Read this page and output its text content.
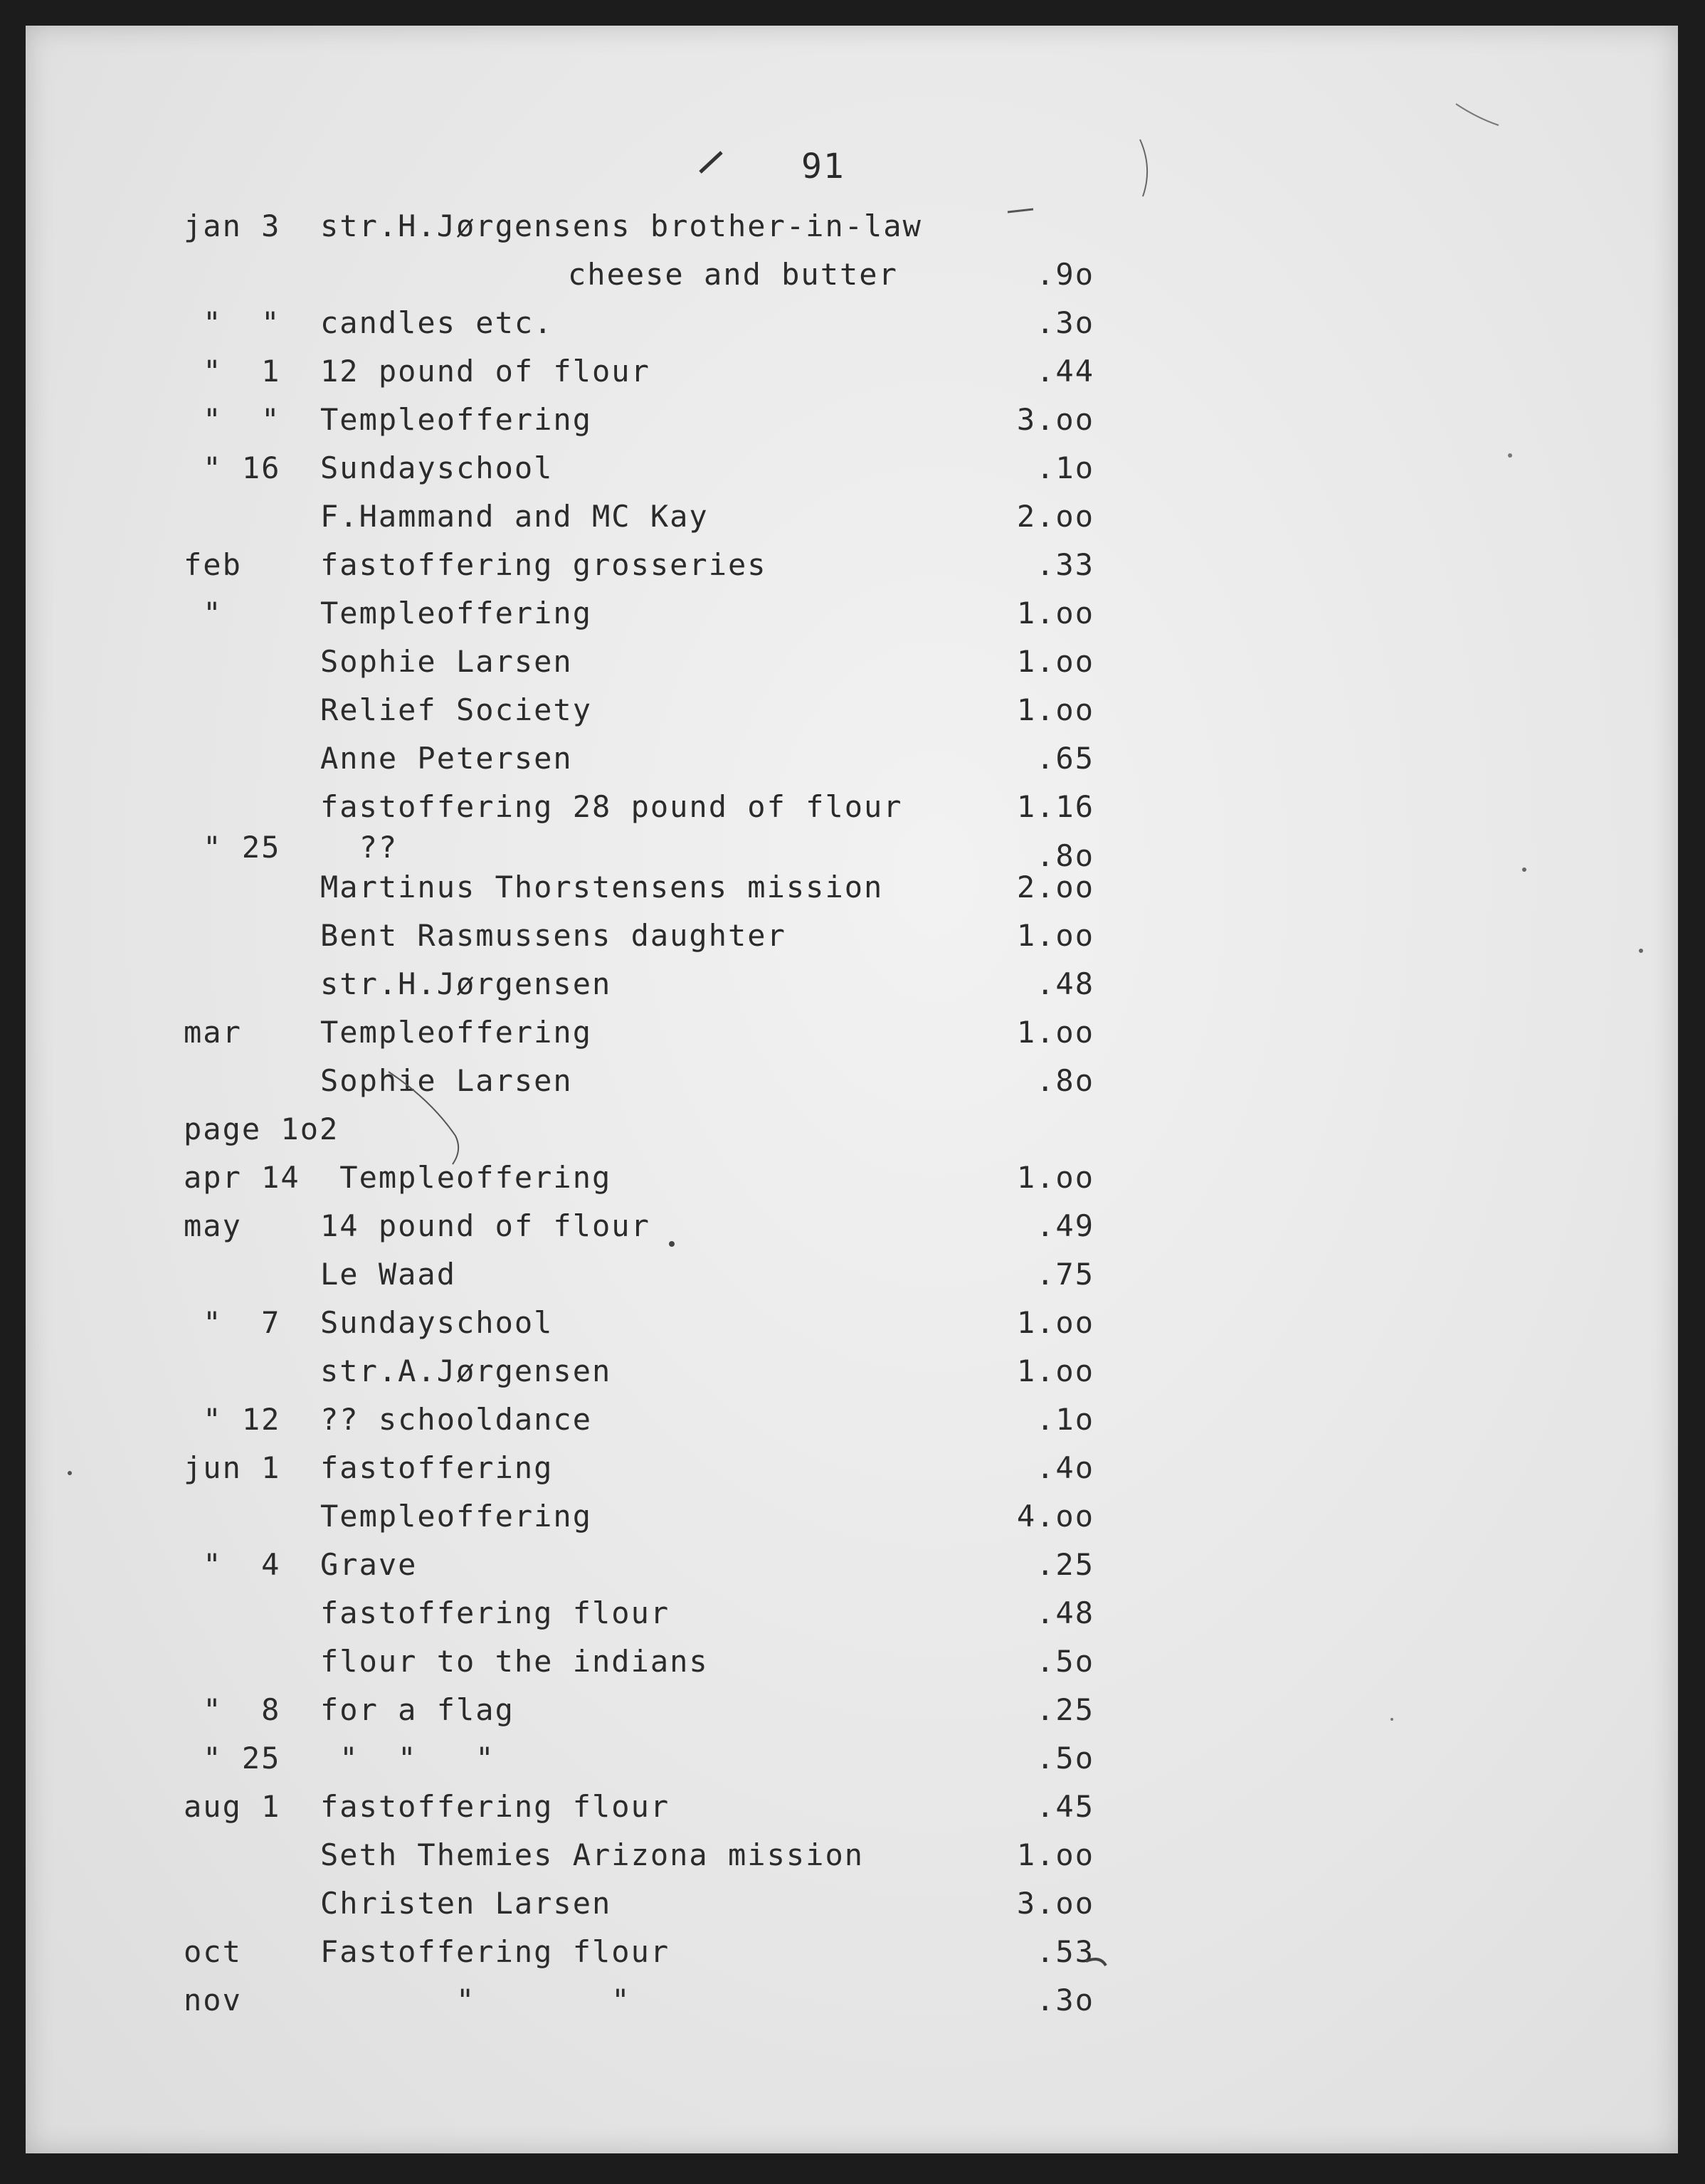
91
jan 3 str.H.Jørgensens brother-in-law
cheese and butter	.9o
"  " candles etc.	.3o
"  1 12 pound of flour	.44
"  " Templeoffering	3.oo
" 16 Sundayschool	.1o
F.Hammand and MC Kay	2.oo
feb	fastoffering grosseries	.33
"	Templeoffering	1.oo
Sophie Larsen	1.oo
Relief Society	1.oo
Anne Petersen	.65
fastoffering 28 pound of flour	1.16
" 25 ??	.8o
Martinus Thorstensens mission	2.oo
Bent Rasmussens daughter	1.oo
str.H.Jørgensen	.48
mar	Templeoffering	1.oo
Sophie Larsen	.8o
page 1o2
apr 14 Templeoffering	1.oo
may	14 pound of flour	.49
Le Waad	.75
"  7 Sundayschool	1.oo
str.A.Jørgensen	1.oo
" 12 ?? schooldance	.1o
jun 1 fastoffering	.4o
Templeoffering	4.oo
"  4 Grave	.25
fastoffering flour	.48
flour to the indians	.5o
"  8 for a flag	.25
" 25 "  "   "	.5o
aug 1 fastoffering flour	.45
Seth Themies Arizona mission	1.oo
Christen Larsen	3.oo
oct	Fastoffering flour	.53
nov	"       "	.3o
